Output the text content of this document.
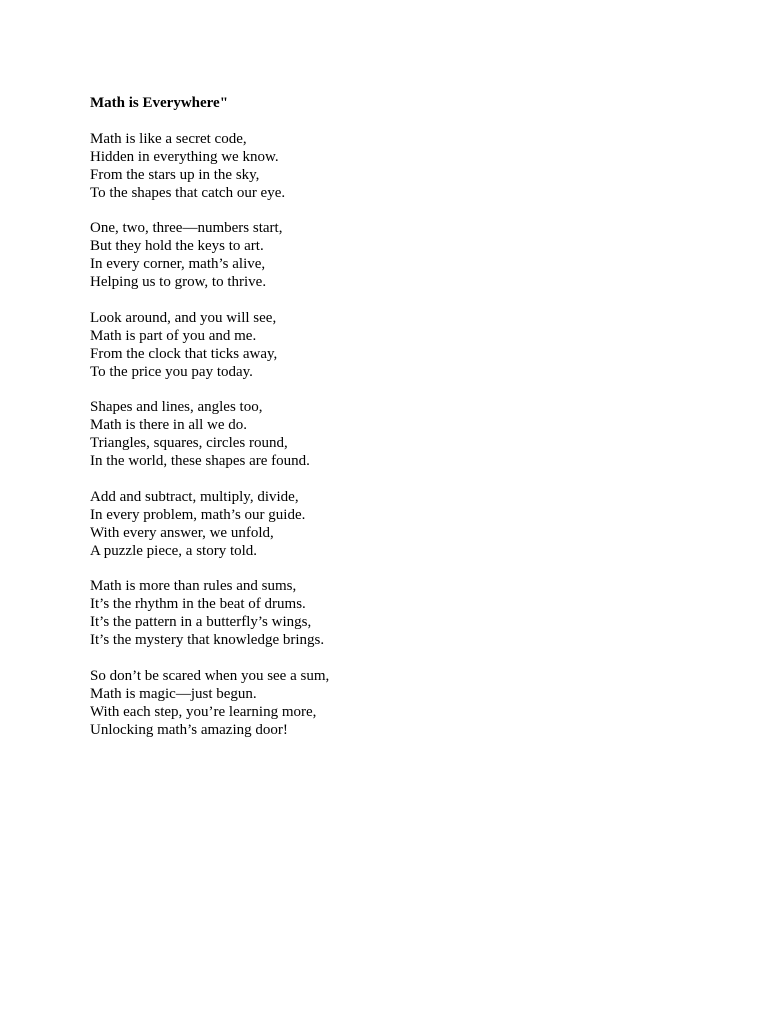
Math is Everywhere"
Math is like a secret code,
Hidden in everything we know.
From the stars up in the sky,
To the shapes that catch our eye.
One, two, three—numbers start,
But they hold the keys to art.
In every corner, math’s alive,
Helping us to grow, to thrive.
Look around, and you will see,
Math is part of you and me.
From the clock that ticks away,
To the price you pay today.
Shapes and lines, angles too,
Math is there in all we do.
Triangles, squares, circles round,
In the world, these shapes are found.
Add and subtract, multiply, divide,
In every problem, math’s our guide.
With every answer, we unfold,
A puzzle piece, a story told.
Math is more than rules and sums,
It’s the rhythm in the beat of drums.
It’s the pattern in a butterfly’s wings,
It’s the mystery that knowledge brings.
So don’t be scared when you see a sum,
Math is magic—just begun.
With each step, you’re learning more,
Unlocking math’s amazing door!
